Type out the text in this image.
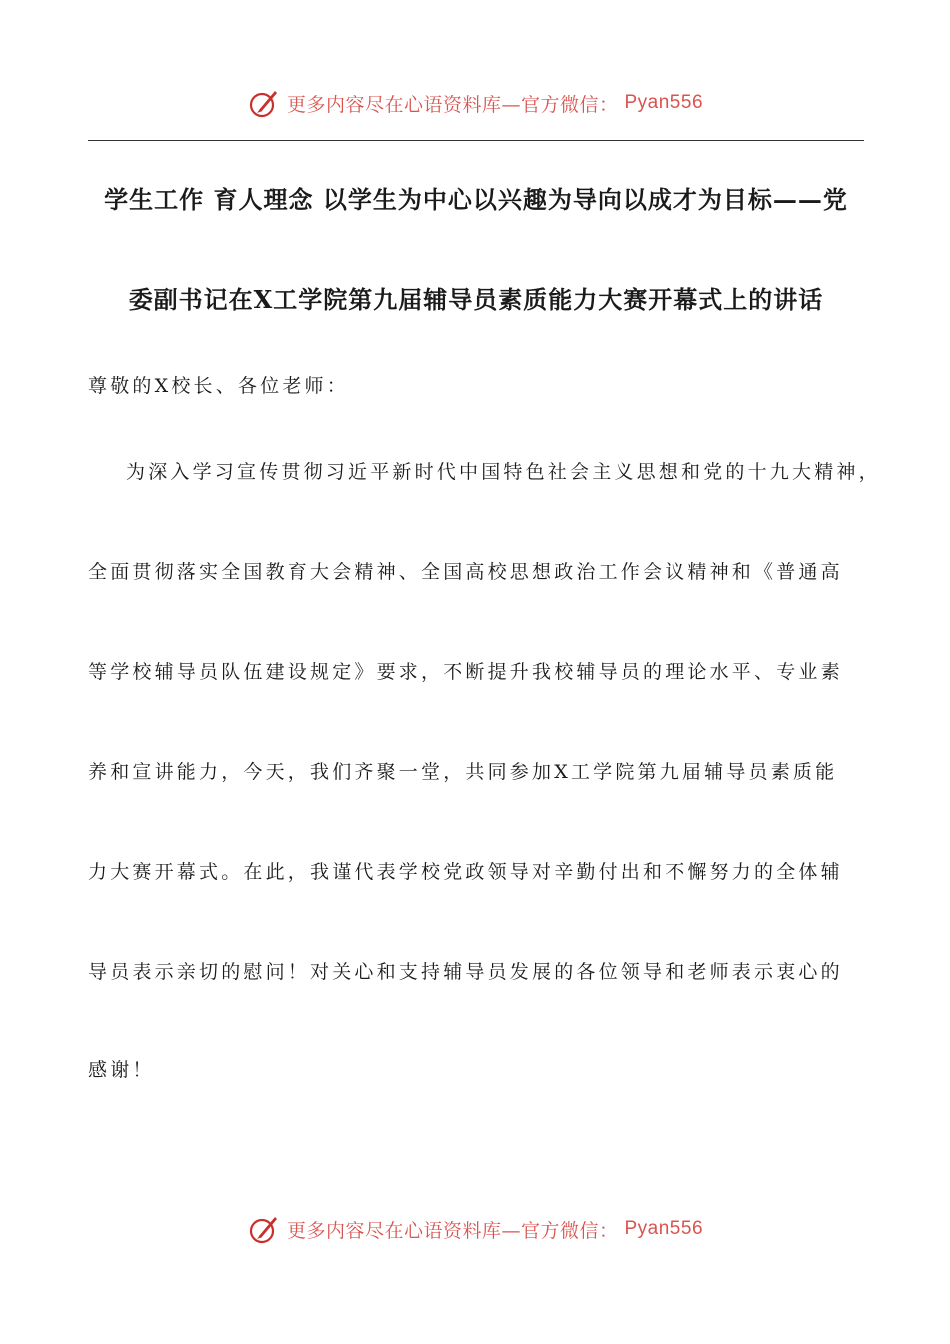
更多内容尽在心语资料库—官方微信： Pyan556
学生工作 育人理念 以学生为中心以兴趣为导向以成才为目标——党
委副书记在X工学院第九届辅导员素质能力大赛开幕式上的讲话
尊敬的X校长、各位老师：
为深入学习宣传贯彻习近平新时代中国特色社会主义思想和党的十九大精神，
全面贯彻落实全国教育大会精神、全国高校思想政治工作会议精神和《普通高
等学校辅导员队伍建设规定》要求，不断提升我校辅导员的理论水平、专业素
养和宣讲能力，今天，我们齐聚一堂，共同参加X工学院第九届辅导员素质能
力大赛开幕式。在此，我谨代表学校党政领导对辛勤付出和不懈努力的全体辅
导员表示亲切的慰问！对关心和支持辅导员发展的各位领导和老师表示衷心的
感谢！
更多内容尽在心语资料库—官方微信： Pyan556
